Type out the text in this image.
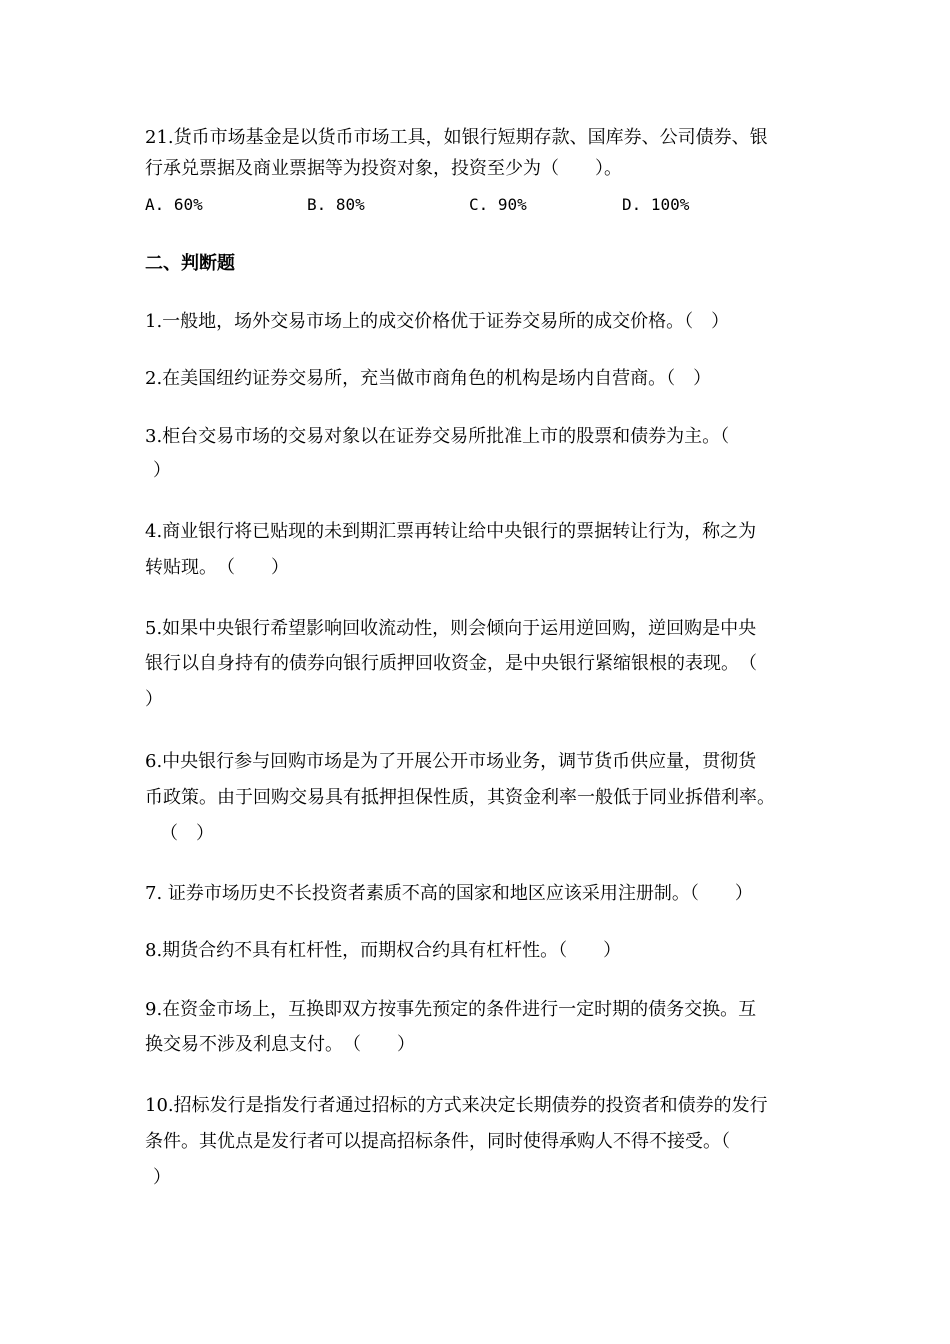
21.货币市场基金是以货币市场工具，如银行短期存款、国库券、公司债券、银
行承兑票据及商业票据等为投资对象，投资至少为（　　）。
A. 60%	B. 80%	C. 90%	D. 100%
二、判断题
1.一般地，场外交易市场上的成交价格优于证券交易所的成交价格。（　）
2.在美国纽约证券交易所，充当做市商角色的机构是场内自营商。（　）
3.柜台交易市场的交易对象以在证券交易所批准上市的股票和债券为主。（
）
4.商业银行将已贴现的未到期汇票再转让给中央银行的票据转让行为，称之为
转贴现。　（　　）
5.如果中央银行希望影响回收流动性，则会倾向于运用逆回购，逆回购是中央
银行以自身持有的债券向银行质押回收资金，是中央银行紧缩银根的表现。　（
）
6.中央银行参与回购市场是为了开展公开市场业务，调节货币供应量，贯彻货
币政策。由于回购交易具有抵押担保性质，其资金利率一般低于同业拆借利率。
（　）
7. 证券市场历史不长投资者素质不高的国家和地区应该采用注册制。（　　）
8.期货合约不具有杠杆性，而期权合约具有杠杆性。（　　）
9.在资金市场上，互换即双方按事先预定的条件进行一定时期的债务交换。互
换交易不涉及利息支付。　（　　）
10.招标发行是指发行者通过招标的方式来决定长期债券的投资者和债券的发行
条件。其优点是发行者可以提高招标条件，同时使得承购人不得不接受。（
）
